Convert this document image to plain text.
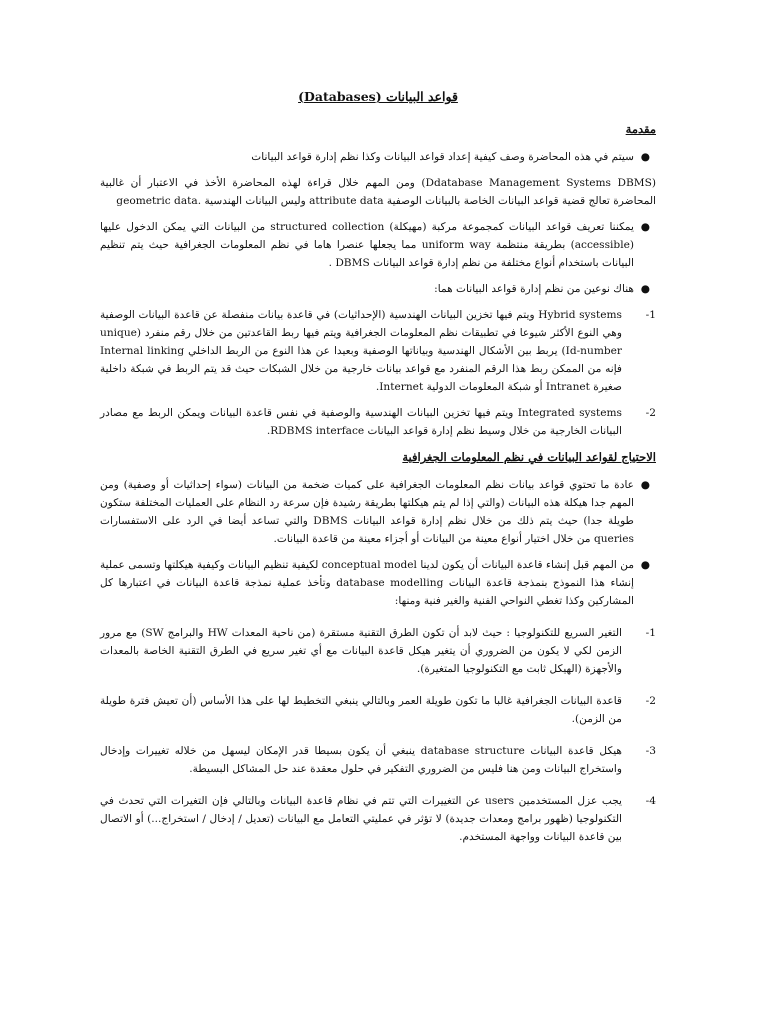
قواعد البيانات (Databases)
مقدمة
●
سيتم في هذه المحاضرة وصف كيفية إعداد قواعد البيانات وكذا نظم إدارة قواعد البيانات

(Ddatabase Management Systems DBMS) ومن المهم خلال قراءة لهذه المحاضرة الأخذ في الاعتبار أن غالبية المحاضرة تعالج قضية قواعد البيانات الخاصة بالبيانات الوصفية attribute data وليس البيانات الهندسية .geometric data

●
يمكننا تعريف قواعد البيانات كمجموعة مركبة (مهيكلة) structured collection من البيانات التي يمكن الدخول عليها (accessible) بطريقة منتظمة uniform way مما يجعلها عنصرا هاما في نظم المعلومات الجغرافية حيث يتم تنظيم البيانات باستخدام أنواع مختلفة من نظم إدارة قواعد البيانات DBMS .
●
هناك نوعين من نظم إدارة قواعد البيانات هما:
-1
Hybrid systems ويتم فيها تخزين البيانات الهندسية (الإحداثيات) في قاعدة بيانات منفصلة عن قاعدة البيانات الوصفية وهي النوع الأكثر شيوعا في تطبيقات نظم المعلومات الجغرافية ويتم فيها ربط القاعدتين من خلال رقم منفرد (unique Id-number) يربط بين الأشكال الهندسية وبياناتها الوصفية وبعيدا عن هذا النوع من الربط الداخلي Internal linking فإنه من الممكن ربط هذا الرقم المنفرد مع قواعد بيانات خارجية من خلال الشبكات حيث قد يتم الربط في شبكة داخلية صغيرة Intranet أو شبكة المعلومات الدولية Internet.
-2
Integrated systems ويتم فيها تخزين البيانات الهندسية والوصفية في نفس قاعدة البيانات ويمكن الربط مع مصادر البيانات الخارجية من خلال وسيط نظم إدارة قواعد البيانات RDBMS interface.
الاحتياج لقواعد البيانات في نظم المعلومات الجغرافية
●
عادة ما تحتوي قواعد بيانات نظم المعلومات الجغرافية على كميات ضخمة من البيانات (سواء إحداثيات أو وصفية) ومن المهم جدا هيكلة هذه البيانات (والتي إذا لم يتم هيكلتها بطريقة رشيدة فإن سرعة رد النظام على العمليات المختلفة ستكون طويلة جدا) حيث يتم ذلك من خلال نظم إدارة قواعد البيانات DBMS والتي تساعد أيضا في الرد على الاستفسارات queries من خلال اختيار أنواع معينة من البيانات أو أجزاء معينة من قاعدة البيانات.
●
من المهم قبل إنشاء قاعدة البيانات أن يكون لدينا conceptual model لكيفية تنظيم البيانات وكيفية هيكلتها وتسمى عملية إنشاء هذا النموذج بنمذجة قاعدة البيانات database modelling وتأخذ عملية نمذجة قاعدة البيانات في اعتبارها كل المشاركين وكذا تغطي النواحي الفنية والغير فنية ومنها:
-1
التغير السريع للتكنولوجيا : حيث لابد أن تكون الطرق التقنية مستقرة (من ناحية المعدات HW والبرامج SW) مع مرور الزمن لكي لا يكون من الضروري أن يتغير هيكل قاعدة البيانات مع أي تغير سريع في الطرق التقنية الخاصة بالمعدات والأجهزة (الهيكل ثابت مع التكنولوجيا المتغيرة).
-2
قاعدة البيانات الجغرافية غالبا ما تكون طويلة العمر وبالتالي ينبغي التخطيط لها على هذا الأساس (أن تعيش فترة طويلة من الزمن).
-3
هيكل قاعدة البيانات database structure ينبغي أن يكون بسيطا قدر الإمكان ليسهل من خلاله تغييرات وإدخال واستخراج البيانات ومن هنا فليس من الضروري التفكير في حلول معقدة عند حل المشاكل البسيطة.
-4
يجب عزل المستخدمين users عن التغييرات التي تتم في نظام قاعدة البيانات وبالتالي فإن التغيرات التي تحدث في التكنولوجيا (ظهور برامج ومعدات جديدة) لا تؤثر في عمليتي التعامل مع البيانات (تعديل / إدخال / استخراج...) أو الاتصال بين قاعدة البيانات وواجهة المستخدم.
